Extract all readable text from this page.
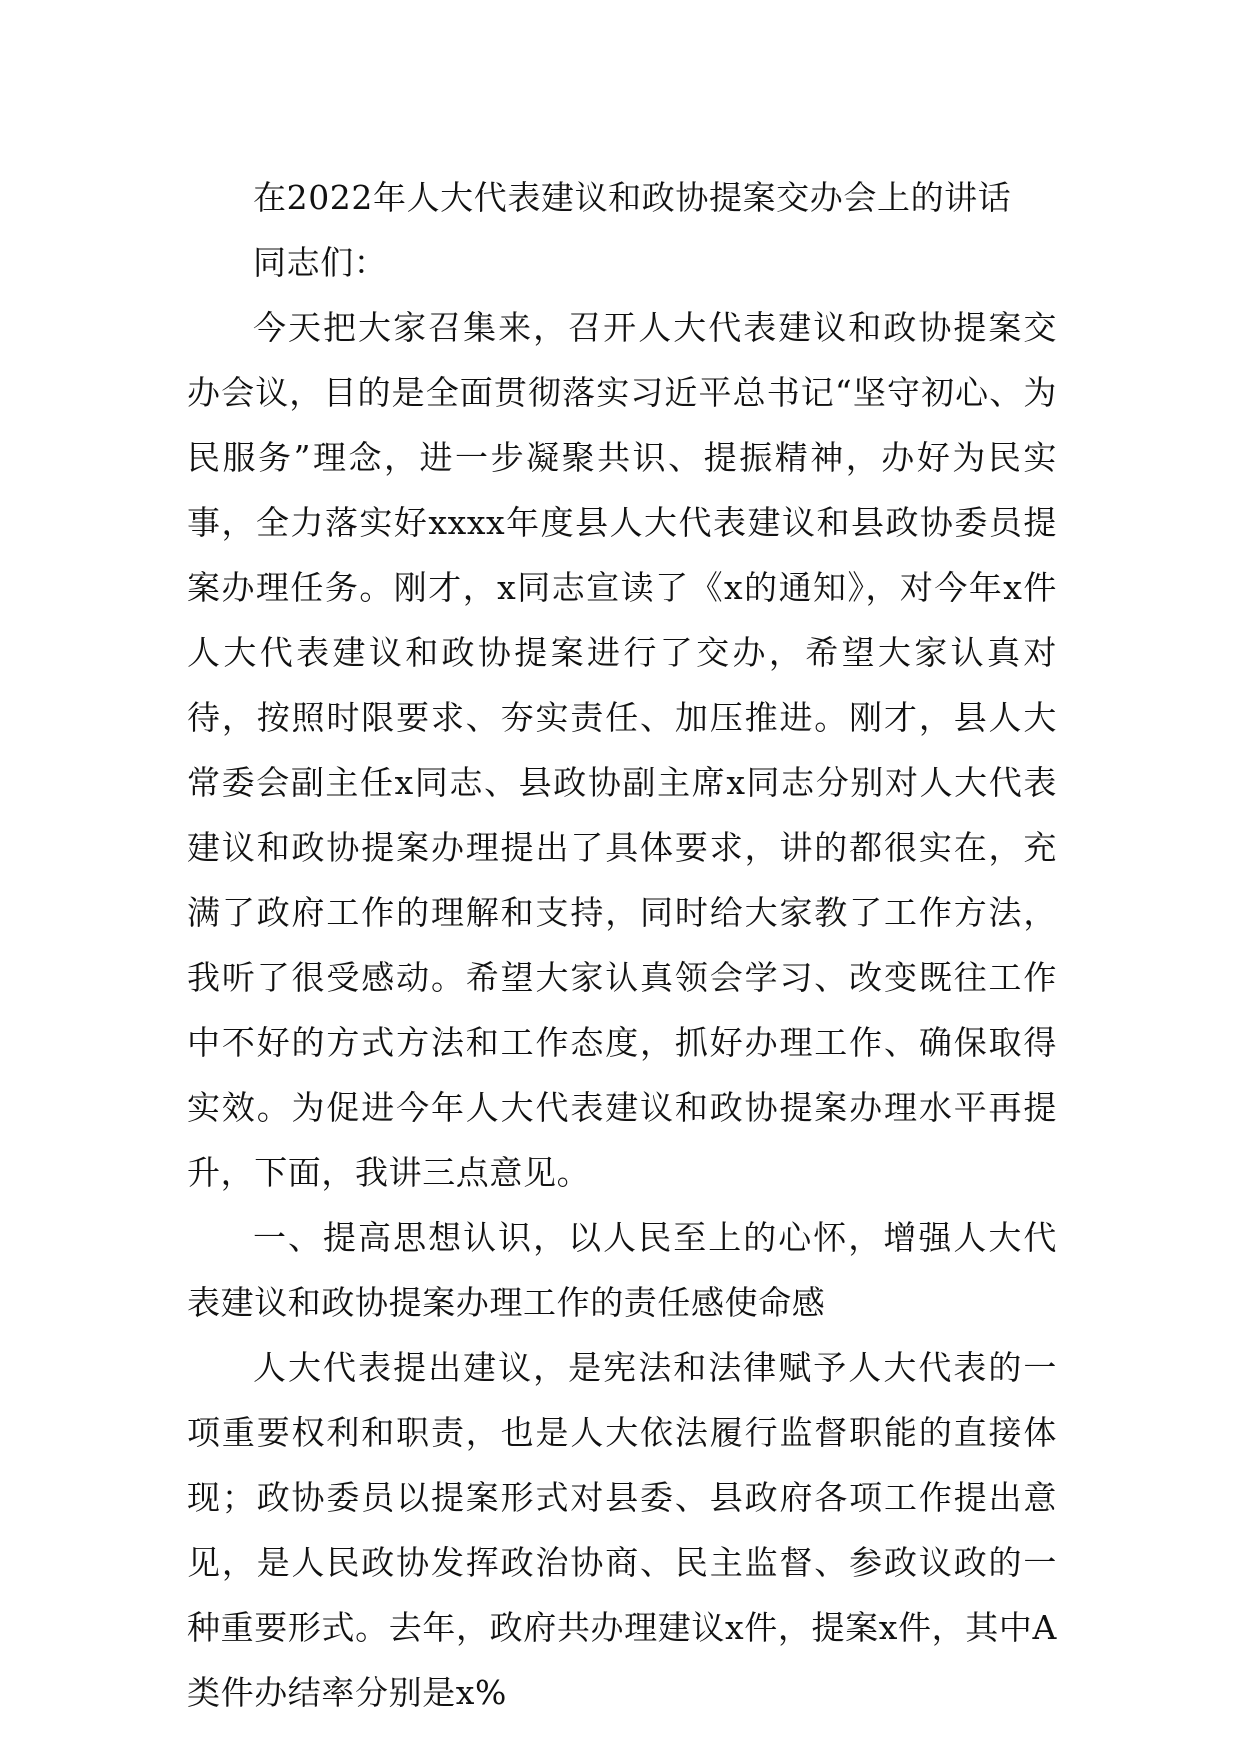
在2022年人大代表建议和政协提案交办会上的讲话

同志们：

今天把大家召集来，召开人大代表建议和政协提案交办会议，目的是全面贯彻落实习近平总书记“坚守初心、为民服务”理念，进一步凝聚共识、提振精神，办好为民实事，全力落实好xxxx年度县人大代表建议和县政协委员提案办理任务。刚才，x同志宣读了《x的通知》，对今年x件人大代表建议和政协提案进行了交办，希望大家认真对待，按照时限要求、夯实责任、加压推进。刚才，县人大常委会副主任x同志、县政协副主席x同志分别对人大代表建议和政协提案办理提出了具体要求，讲的都很实在，充满了政府工作的理解和支持，同时给大家教了工作方法，我听了很受感动。希望大家认真领会学习、改变既往工作中不好的方式方法和工作态度，抓好办理工作、确保取得实效。为促进今年人大代表建议和政协提案办理水平再提升，下面，我讲三点意见。

一、提高思想认识，以人民至上的心怀，增强人大代表建议和政协提案办理工作的责任感使命感

人大代表提出建议，是宪法和法律赋予人大代表的一项重要权利和职责，也是人大依法履行监督职能的直接体现；政协委员以提案形式对县委、县政府各项工作提出意见，是人民政协发挥政治协商、民主监督、参政议政的一种重要形式。去年，政府共办理建议x件，提案x件，其中A类件办结率分别是x%
